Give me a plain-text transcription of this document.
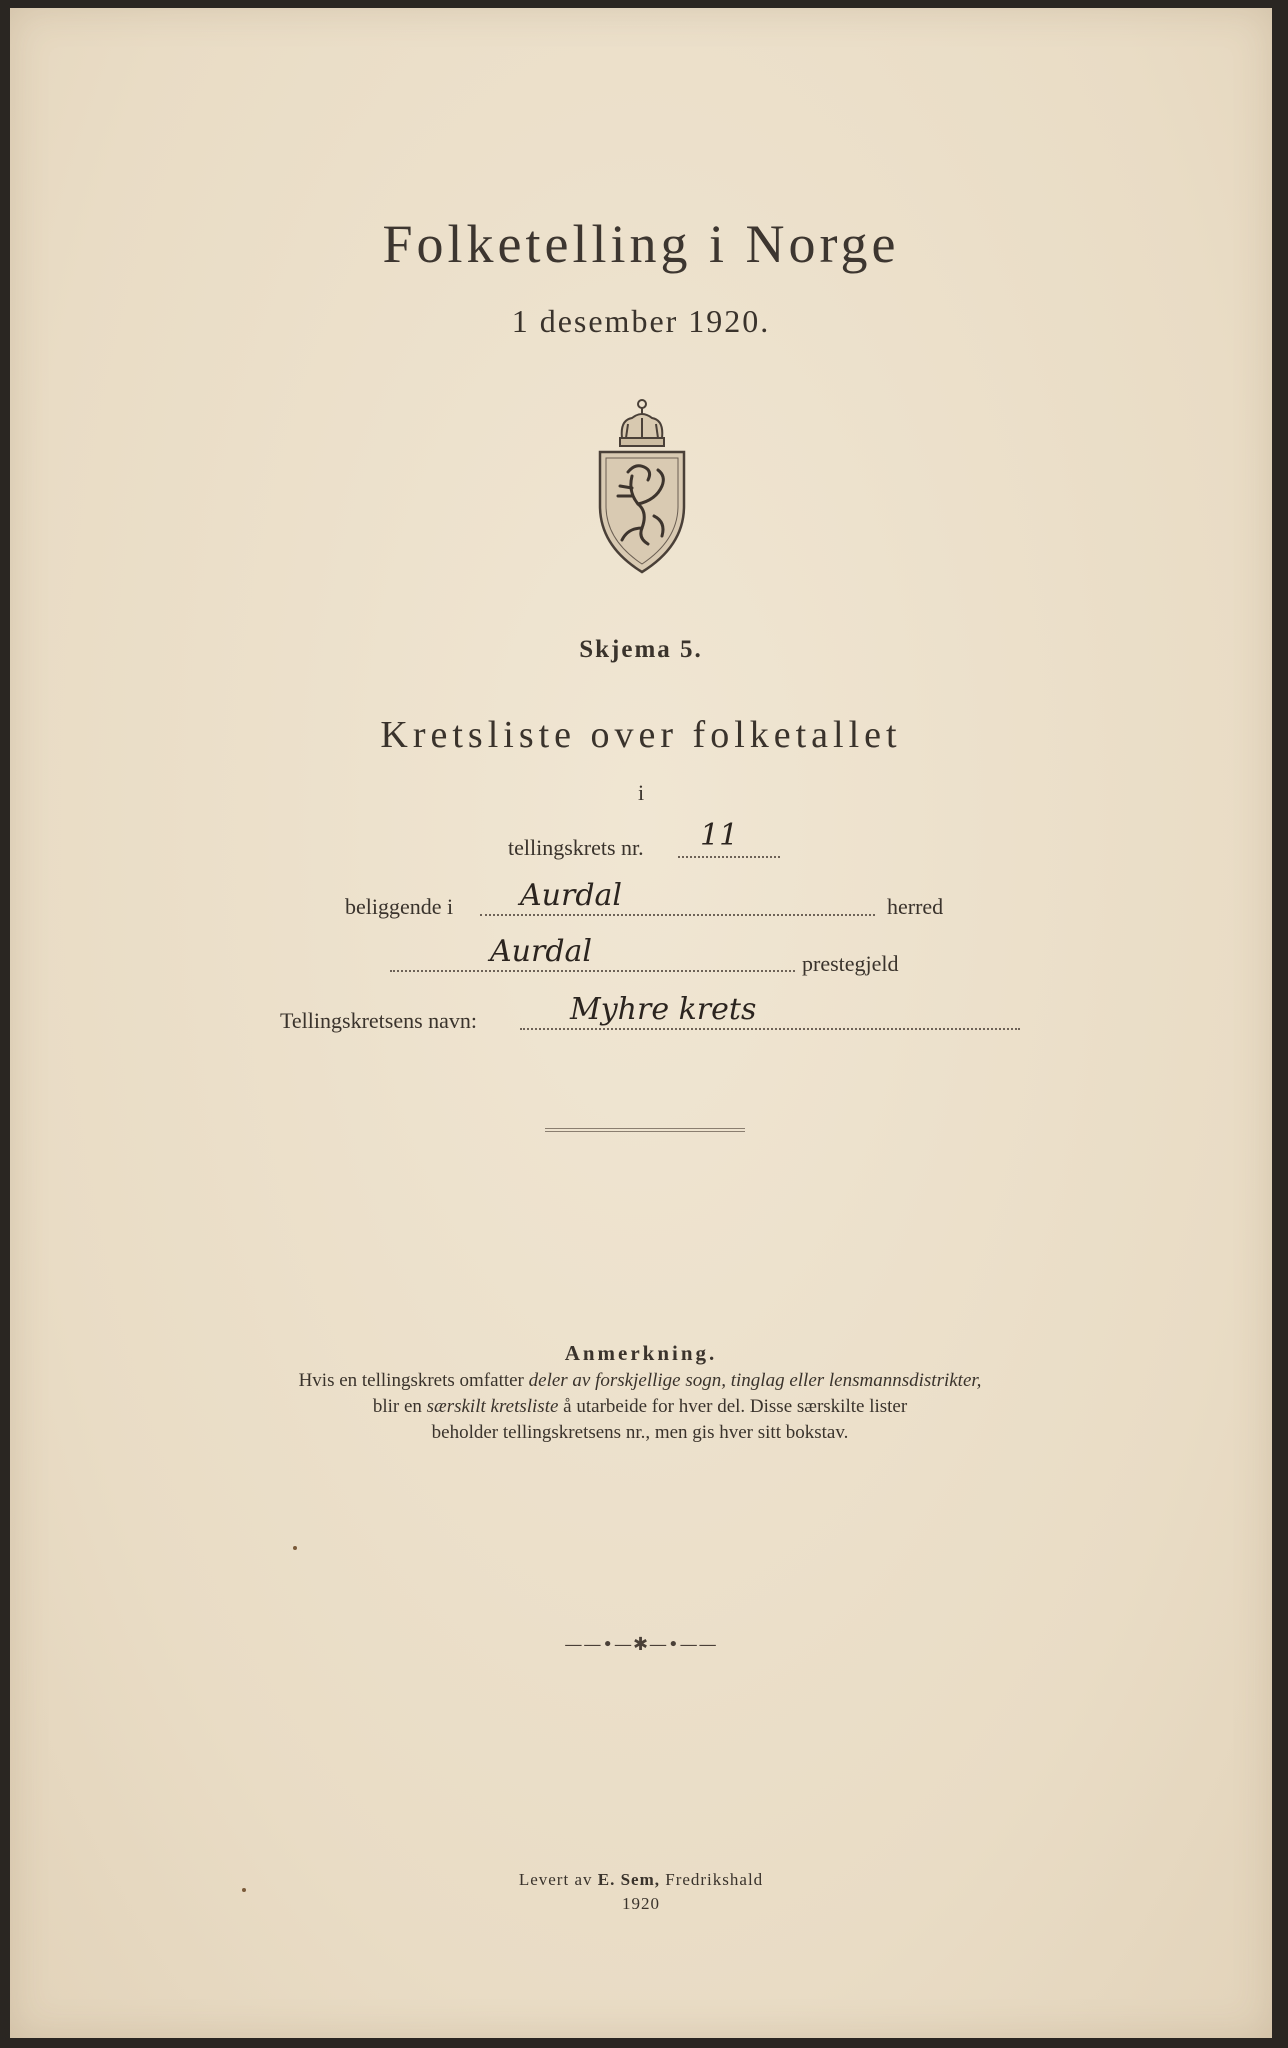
Folketelling i Norge
1 desember 1920.
Skjema 5.
Kretsliste over folketallet
i
tellingskrets nr. 11
beliggende i Aurdal	herred
Aurdal	prestegjeld
Tellingskretsens navn:	Myhre krets
Anmerkning.
Hvis en tellingskrets omfatter deler av forskjellige sogn, tinglag eller lensmannsdistrikter,
blir en særskilt kretsliste å utarbeide for hver del. Disse særskilte lister
beholder tellingskretsens nr., men gis hver sitt bokstav.
——•—✱—•——
Levert av E. Sem, Fredrikshald
1920
